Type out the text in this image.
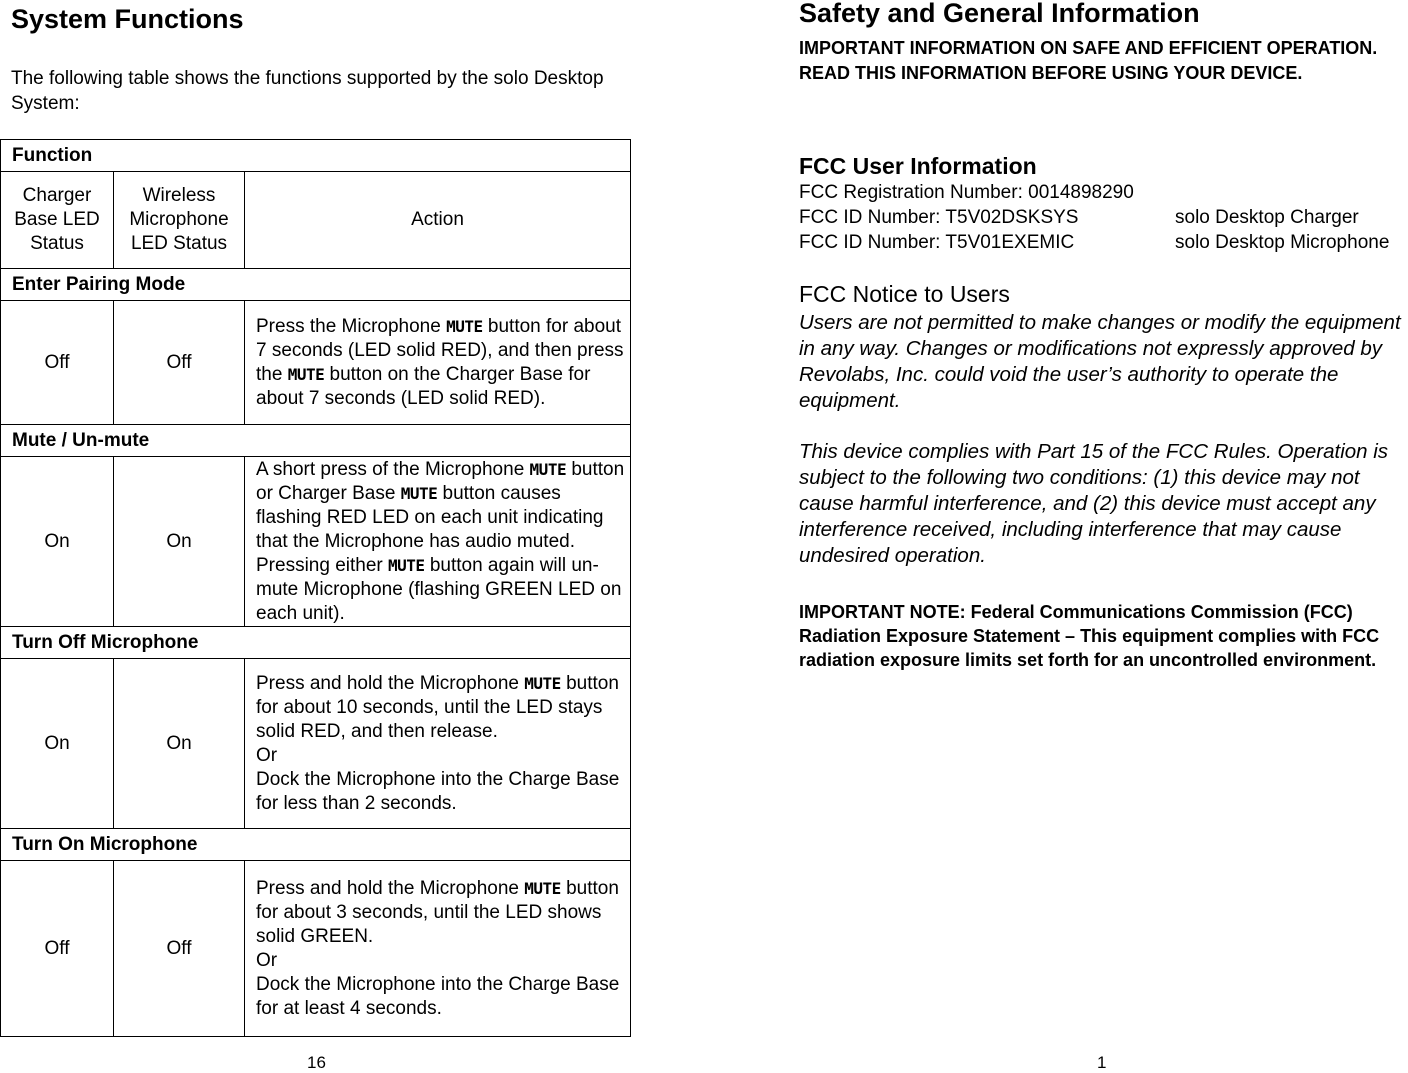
System Functions
The following table shows the functions supported by the solo Desktop System:
Function		
Charger Base LED Status	Wireless Microphone LED Status	Action
Enter Pairing Mode		
Off	Off	Press the Microphone MUTE button for about 7 seconds (LED solid RED), and then press the MUTE button on the Charger Base for about 7 seconds (LED solid RED).
Mute / Un-mute		
On	On	A short press of the Microphone MUTE button or Charger Base MUTE button causes flashing RED LED on each unit indicating that the Microphone has audio muted. Pressing either MUTE button again will un-mute Microphone (flashing GREEN LED on each unit).
Turn Off Microphone		
On	On	Press and hold the Microphone MUTE button for about 10 seconds, until the LED stays solid RED, and then release.
Or
Dock the Microphone into the Charge Base for less than 2 seconds.
Turn On Microphone		
Off	Off	Press and hold the Microphone MUTE button for about 3 seconds, until the LED shows solid GREEN.
Or
Dock the Microphone into the Charge Base for at least 4 seconds.
16
Safety and General Information
IMPORTANT INFORMATION ON SAFE AND EFFICIENT OPERATION. READ THIS INFORMATION BEFORE USING YOUR DEVICE.
FCC User Information
FCC Registration Number: 0014898290
FCC ID Number: T5V02DSKSYS	solo Desktop Charger
FCC ID Number: T5V01EXEMIC	solo Desktop Microphone
FCC Notice to Users
Users are not permitted to make changes or modify the equipment in any way. Changes or modifications not expressly approved by Revolabs, Inc. could void the user’s authority to operate the equipment.
This device complies with Part 15 of the FCC Rules. Operation is subject to the following two conditions: (1) this device may not cause harmful interference, and (2) this device must accept any interference received, including interference that may cause undesired operation.
IMPORTANT NOTE: Federal Communications Commission (FCC) Radiation Exposure Statement – This equipment complies with FCC radiation exposure limits set forth for an uncontrolled environment.
1
